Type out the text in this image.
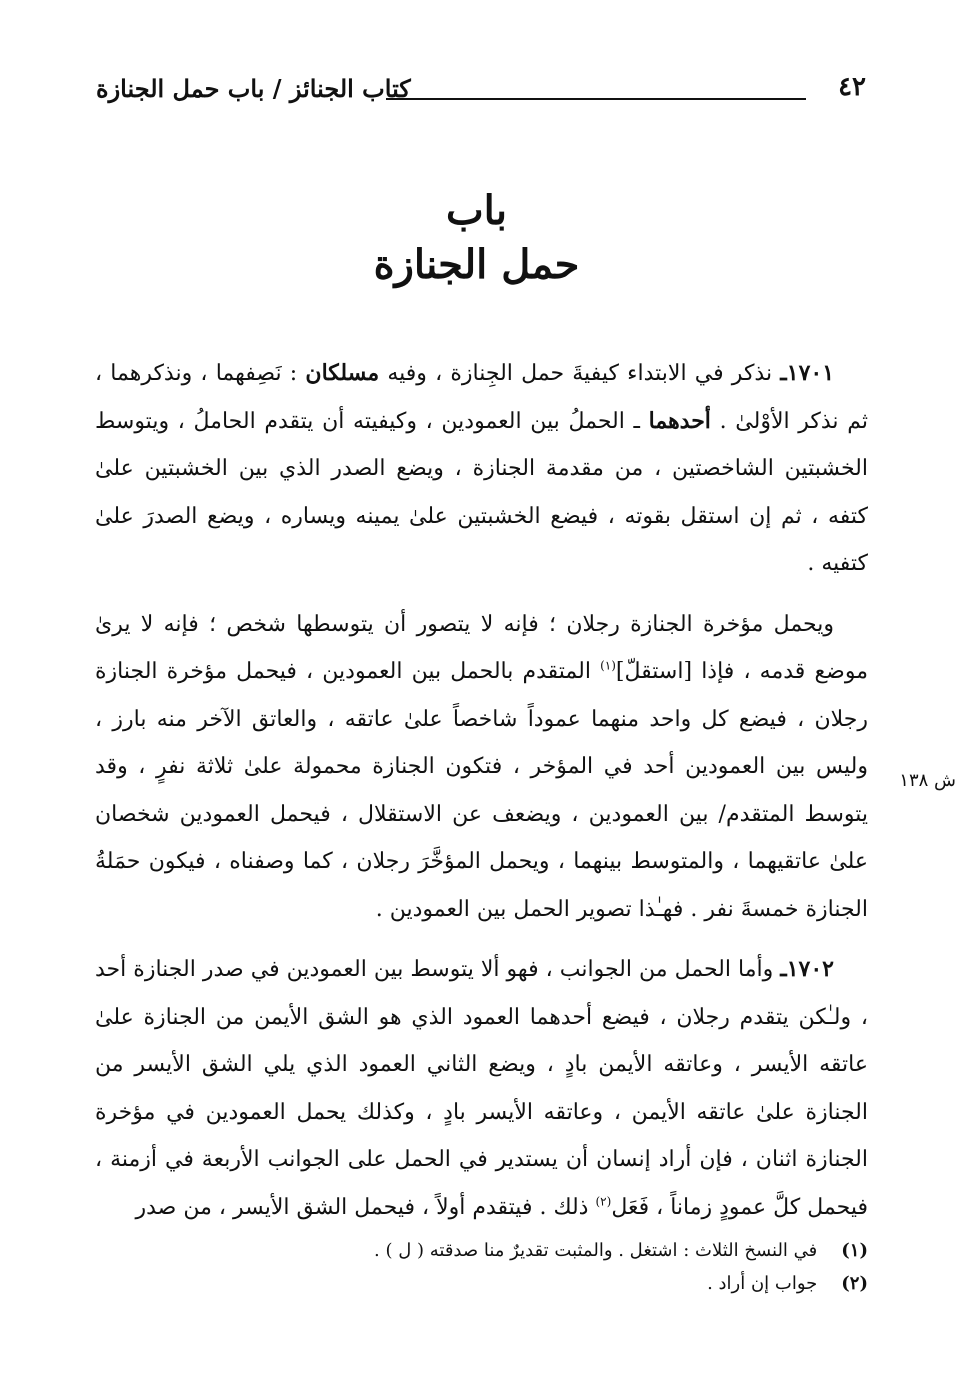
٤٢
كتاب الجنائز / باب حمل الجنازة
باب
حمل الجنازة

١٧٠١ـ نذكر في الابتداء كيفيةَ حمل الجِنازة ، وفيه مسلكان : نَصِفهما ، ونذكرهما ، ثم نذكر الأوْلىٰ . أحدهما ـ الحملُ بين العمودين ، وكيفيته أن يتقدم الحاملُ ، ويتوسط الخشبتين الشاخصتين ، من مقدمة الجنازة ، ويضع الصدر الذي بين الخشبتين علىٰ كتفه ، ثم إن استقل بقوته ، فيضع الخشبتين علىٰ يمينه ويساره ، ويضع الصدرَ علىٰ كتفيه .

ويحمل مؤخرة الجنازة رجلان ؛ فإنه لا يتصور أن يتوسطها شخص ؛ فإنه لا يرىٰ موضع قدمه ، فإذا [استقلّ]$^{(١)}$ المتقدم بالحمل بين العمودين ، فيحمل مؤخرة الجنازة رجلان ، فيضع كل واحد منهما عموداً شاخصاً علىٰ عاتقه ، والعاتق الآخر منه بارز ، وليس بين العمودين أحد في المؤخر ، فتكون الجنازة محمولة علىٰ ثلاثة نفرٍ ، وقد يتوسط المتقدم/ بين العمودين ، ويضعف عن الاستقلال ، فيحمل العمودين شخصان علىٰ عاتقيهما ، والمتوسط بينهما ، ويحمل المؤخَّرَ رجلان ، كما وصفناه ، فيكون حمَلةُ الجنازة خمسةَ نفر . فهـٰذا تصوير الحمل بين العمودين .

١٧٠٢ـ وأما الحمل من الجوانب ، فهو ألا يتوسط بين العمودين في صدر الجنازة أحد ، ولـٰكن يتقدم رجلان ، فيضع أحدهما العمود الذي هو الشق الأيمن من الجنازة علىٰ عاتقه الأيسر ، وعاتقه الأيمن بادٍ ، ويضع الثاني العمود الذي يلي الشق الأيسر من الجنازة علىٰ عاتقه الأيمن ، وعاتقه الأيسر بادٍ ، وكذلك يحمل العمودين في مؤخرة الجنازة اثنان ، فإن أراد إنسان أن يستدير في الحمل على الجوانب الأربعة في أزمنة ، فيحمل كلَّ عمودٍ زماناً ، فَعَل$^{(٢)}$ ذلك . فيتقدم أولاً ، فيحمل الشق الأيسر ، من صدر

ش ١٣٨
(١)في النسخ الثلاث : اشتغل . والمثبت تقديرٌ منا صدقته ( ل ) .
(٢)جواب إن أراد .
